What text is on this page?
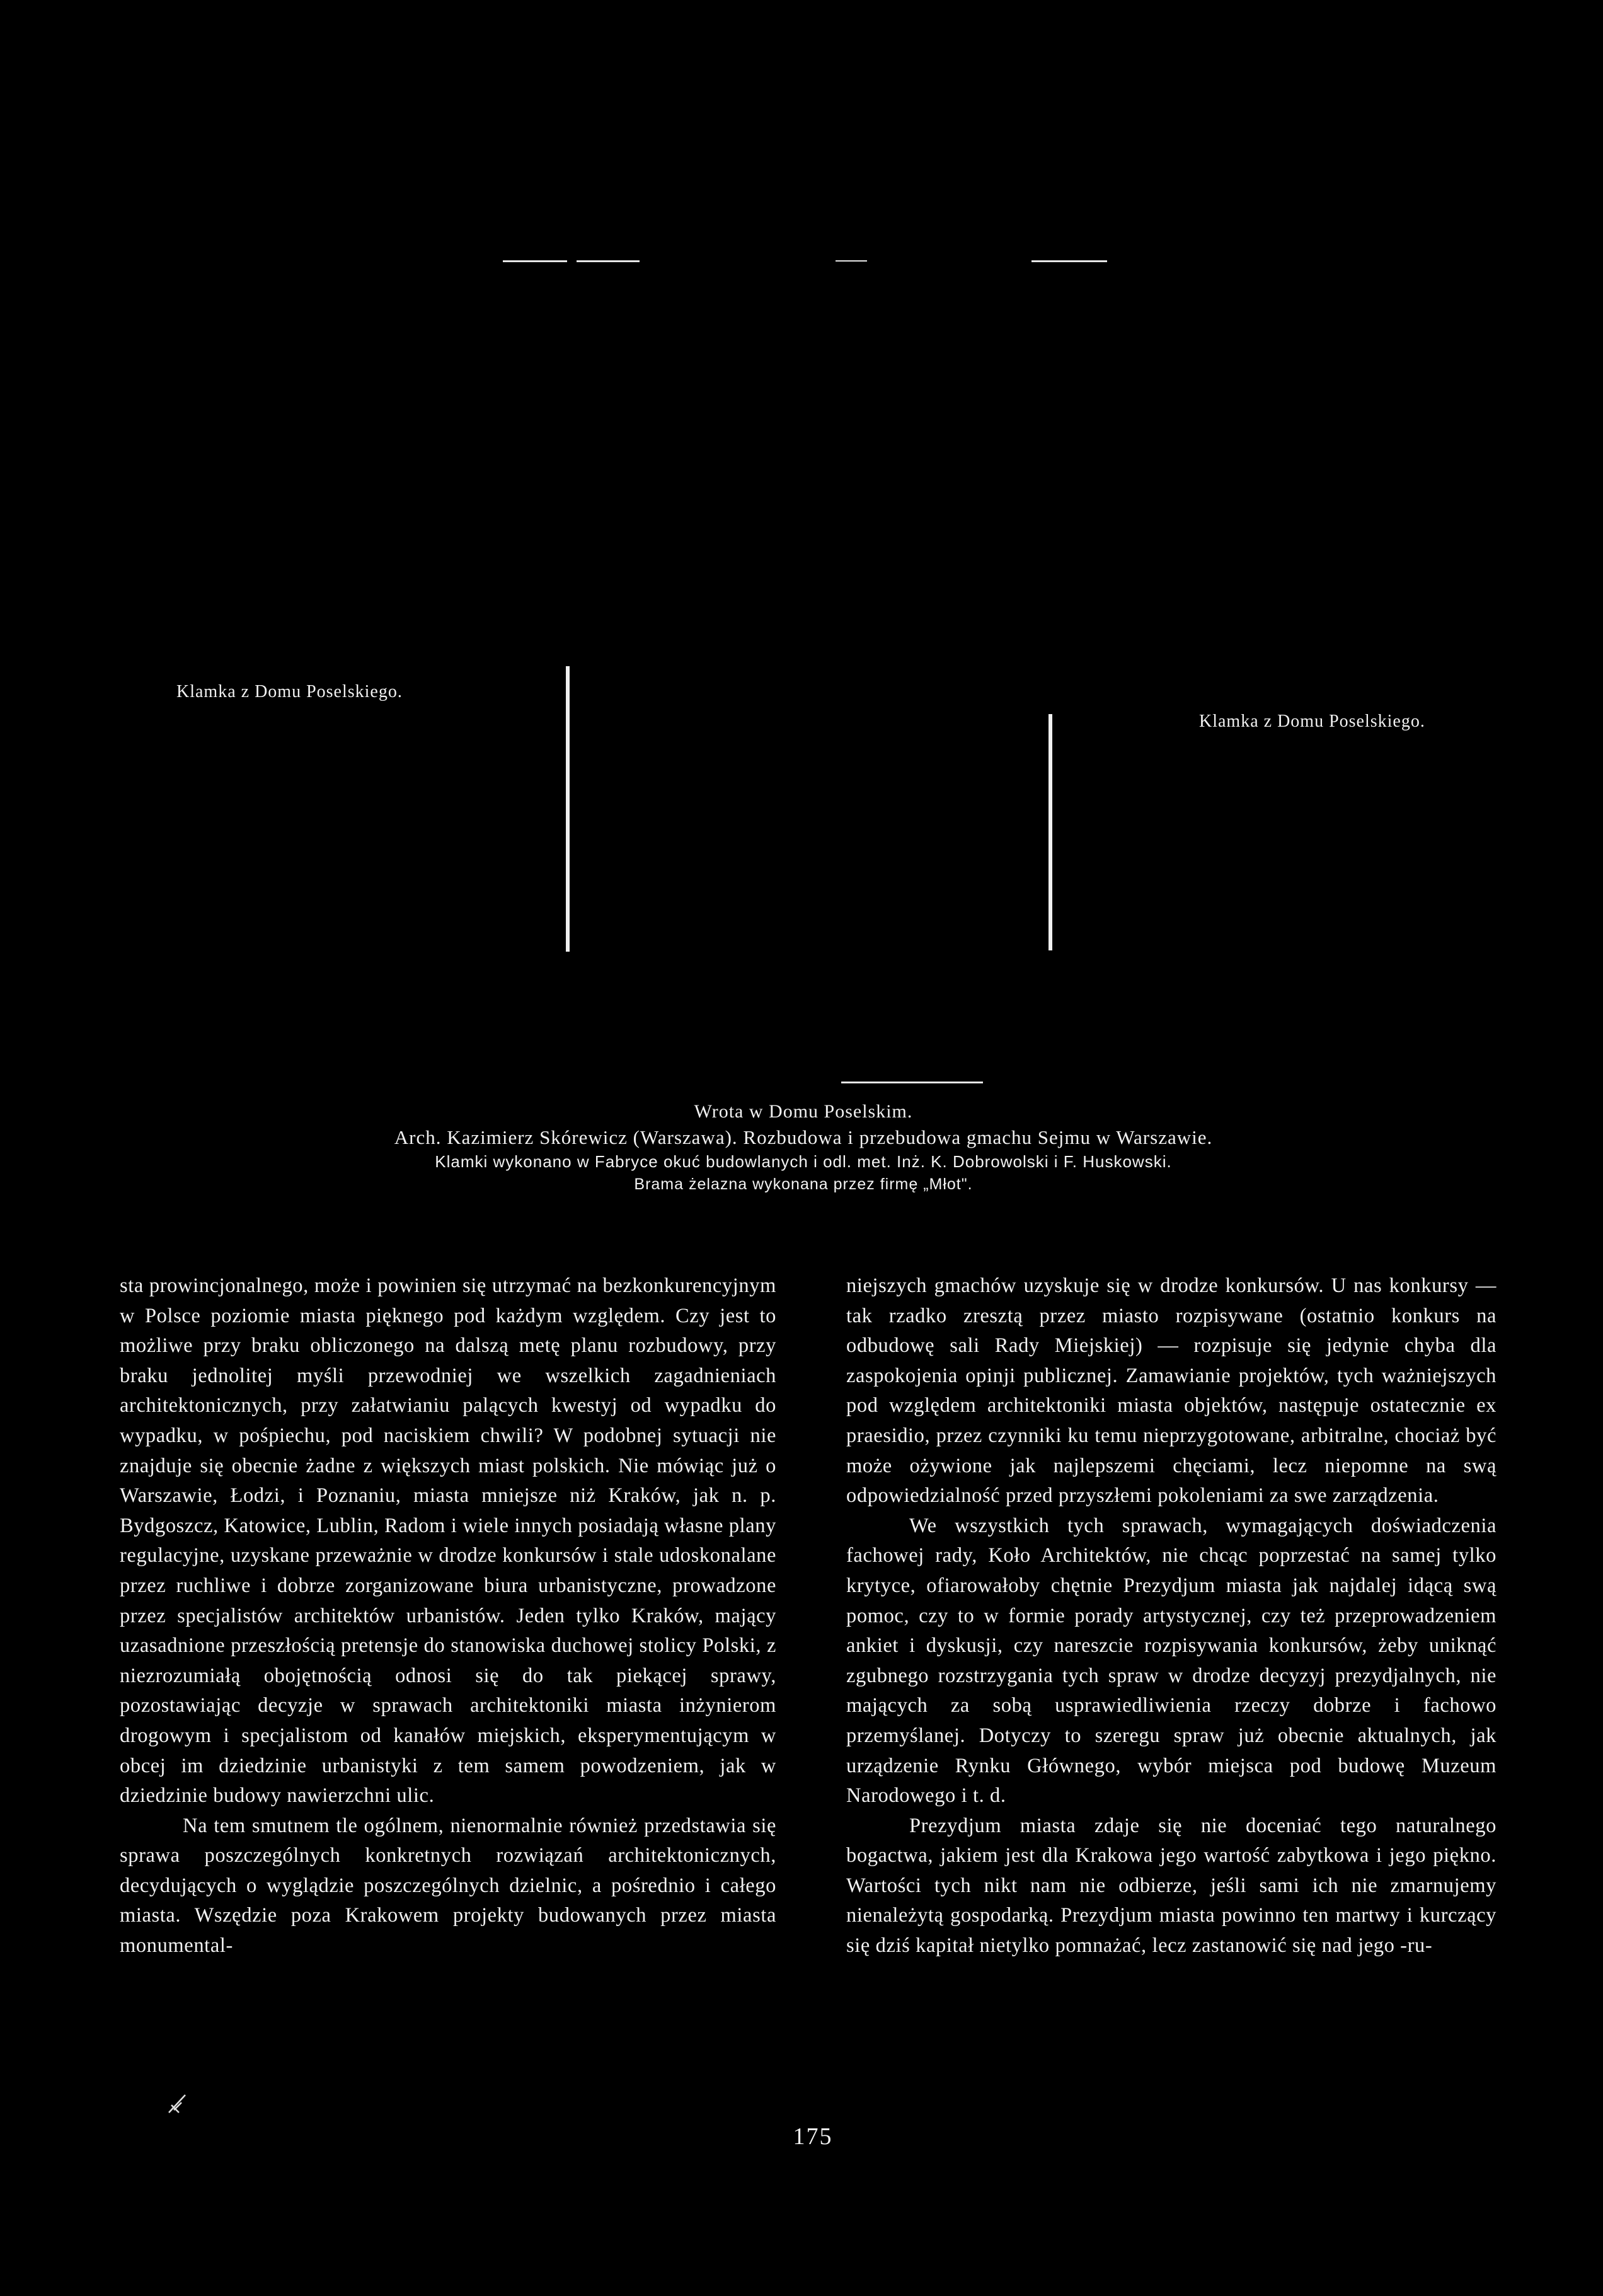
Klamka z Domu Poselskiego.
Klamka z Domu Poselskiego.
Wrota w Domu Poselskim.
Arch. Kazimierz Skórewicz (Warszawa). Rozbudowa i przebudowa gmachu Sejmu w Warszawie.
Klamki wykonano w Fabryce okuć budowlanych i odl. met. Inż. K. Dobrowolski i F. Huskowski.
Brama żelazna wykonana przez firmę „Młot".

sta prowincjonalnego, może i powinien się utrzymać na bezkonkurencyjnym w Polsce poziomie miasta pięknego pod każdym względem. Czy jest to możliwe przy braku obliczonego na dalszą metę planu rozbudowy, przy braku jednolitej myśli przewodniej we wszelkich zagadnieniach architektonicznych, przy załatwianiu palących kwestyj od wypadku do wypadku, w pośpiechu, pod naciskiem chwili? W podobnej sytuacji nie znajduje się obecnie żadne z większych miast polskich. Nie mówiąc już o Warszawie, Łodzi, i Poznaniu, miasta mniejsze niż Kraków, jak n. p. Bydgoszcz, Katowice, Lublin, Radom i wiele innych posiadają własne plany regulacyjne, uzyskane przeważnie w drodze konkursów i stale udoskonalane przez ruchliwe i dobrze zorganizowane biura urbanistyczne, prowadzone przez specjalistów architektów urbanistów. Jeden tylko Kraków, mający uzasadnione przeszłością pretensje do stanowiska duchowej stolicy Polski, z niezrozumiałą obojętnością odnosi się do tak piekącej sprawy, pozostawiając decyzje w sprawach architektoniki miasta inżynierom drogowym i specjalistom od kanałów miejskich, eksperymentującym w obcej im dziedzinie urbanistyki z tem samem powodzeniem, jak w dziedzinie budowy nawierzchni ulic.

Na tem smutnem tle ogólnem, nienormalnie również przedstawia się sprawa poszczególnych konkretnych rozwiązań architektonicznych, decydujących o wyglądzie poszczególnych dzielnic, a pośrednio i całego miasta. Wszędzie poza Krakowem projekty budowanych przez miasta monumental-

niejszych gmachów uzyskuje się w drodze konkursów. U nas konkursy — tak rzadko zresztą przez miasto rozpisywane (ostatnio konkurs na odbudowę sali Rady Miejskiej) — rozpisuje się jedynie chyba dla zaspokojenia opinji publicznej. Zamawianie projektów, tych ważniejszych pod względem architektoniki miasta objektów, następuje ostatecznie ex praesidio, przez czynniki ku temu nieprzygotowane, arbitralne, chociaż być może ożywione jak najlepszemi chęciami, lecz niepomne na swą odpowiedzialność przed przyszłemi pokoleniami za swe zarządzenia.

We wszystkich tych sprawach, wymagających doświadczenia fachowej rady, Koło Architektów, nie chcąc poprzestać na samej tylko krytyce, ofiarowałoby chętnie Prezydjum miasta jak najdalej idącą swą pomoc, czy to w formie porady artystycznej, czy też przeprowadzeniem ankiet i dyskusji, czy nareszcie rozpisywania konkursów, żeby uniknąć zgubnego rozstrzygania tych spraw w drodze decyzyj prezydjalnych, nie mających za sobą usprawiedliwienia rzeczy dobrze i fachowo przemyślanej. Dotyczy to szeregu spraw już obecnie aktualnych, jak urządzenie Rynku Głównego, wybór miejsca pod budowę Muzeum Narodowego i t. d.

Prezydjum miasta zdaje się nie doceniać tego naturalnego bogactwa, jakiem jest dla Krakowa jego wartość zabytkowa i jego piękno. Wartości tych nikt nam nie odbierze, jeśli sami ich nie zmarnujemy nienależytą gospodarką. Prezydjum miasta powinno ten martwy i kurczący się dziś kapitał nietylko pomnażać, lecz zastanowić się nad jego -ru-

175
